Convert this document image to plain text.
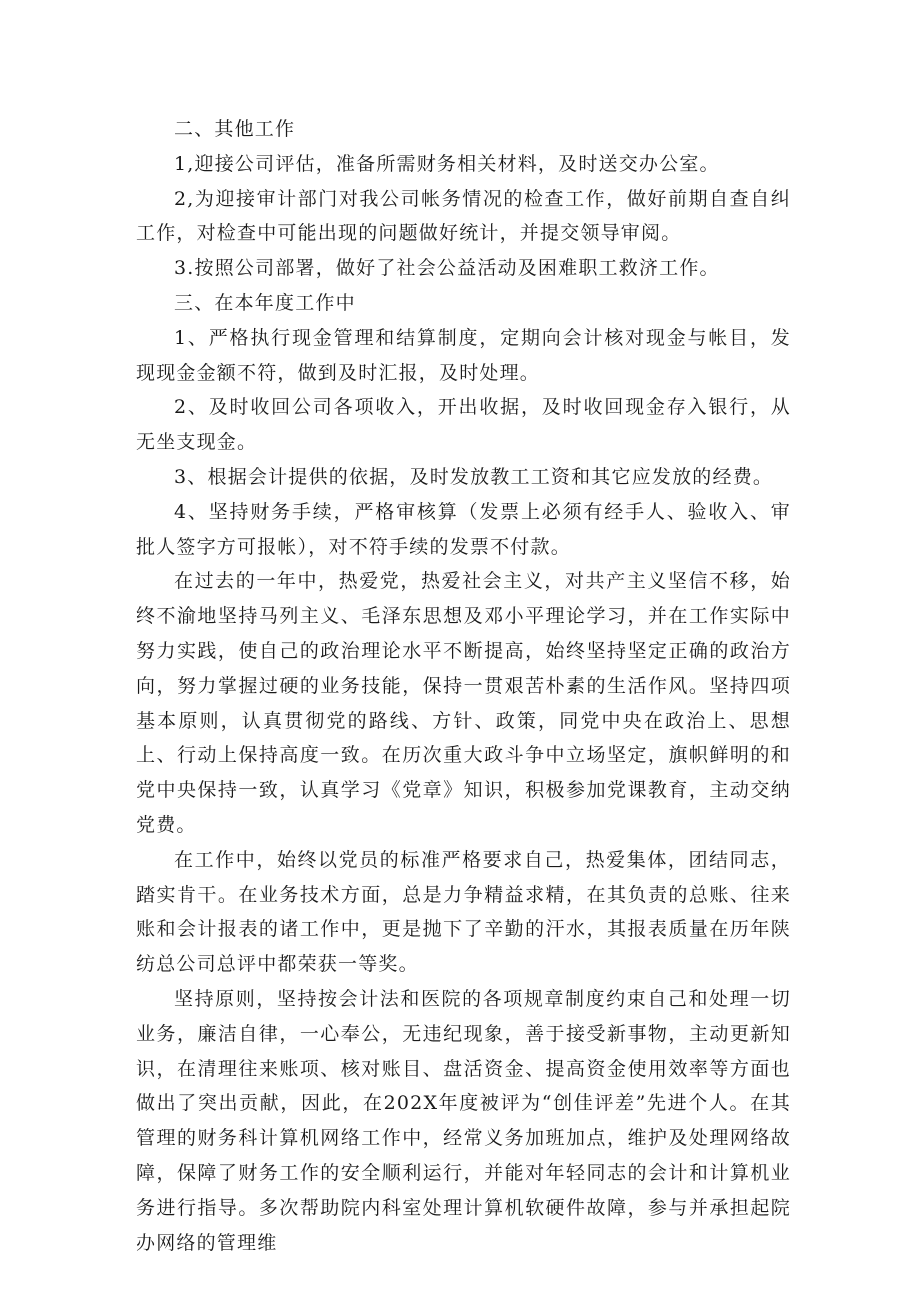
二、其他工作

1,迎接公司评估，准备所需财务相关材料，及时送交办公室。

2,为迎接审计部门对我公司帐务情况的检查工作，做好前期自查自纠工作，对检查中可能出现的问题做好统计，并提交领导审阅。

3.按照公司部署，做好了社会公益活动及困难职工救济工作。

三、在本年度工作中

1、严格执行现金管理和结算制度，定期向会计核对现金与帐目，发现现金金额不符，做到及时汇报，及时处理。

2、及时收回公司各项收入，开出收据，及时收回现金存入银行，从无坐支现金。

3、根据会计提供的依据，及时发放教工工资和其它应发放的经费。

4、坚持财务手续，严格审核算（发票上必须有经手人、验收入、审批人签字方可报帐），对不符手续的发票不付款。

在过去的一年中，热爱党，热爱社会主义，对共产主义坚信不移，始终不渝地坚持马列主义、毛泽东思想及邓小平理论学习，并在工作实际中努力实践，使自己的政治理论水平不断提高，始终坚持坚定正确的政治方向，努力掌握过硬的业务技能，保持一贯艰苦朴素的生活作风。坚持四项基本原则，认真贯彻党的路线、方针、政策，同党中央在政治上、思想上、行动上保持高度一致。在历次重大政斗争中立场坚定，旗帜鲜明的和党中央保持一致，认真学习《党章》知识，积极参加党课教育，主动交纳党费。

在工作中，始终以党员的标准严格要求自己，热爱集体，团结同志，踏实肯干。在业务技术方面，总是力争精益求精，在其负责的总账、往来账和会计报表的诸工作中，更是抛下了辛勤的汗水，其报表质量在历年陕纺总公司总评中都荣获一等奖。

坚持原则，坚持按会计法和医院的各项规章制度约束自己和处理一切业务，廉洁自律，一心奉公，无违纪现象，善于接受新事物，主动更新知识，在清理往来账项、核对账目、盘活资金、提高资金使用效率等方面也做出了突出贡献，因此，在202X年度被评为“创佳评差”先进个人。在其管理的财务科计算机网络工作中，经常义务加班加点，维护及处理网络故障，保障了财务工作的安全顺利运行，并能对年轻同志的会计和计算机业务进行指导。多次帮助院内科室处理计算机软硬件故障，参与并承担起院办网络的管理维
